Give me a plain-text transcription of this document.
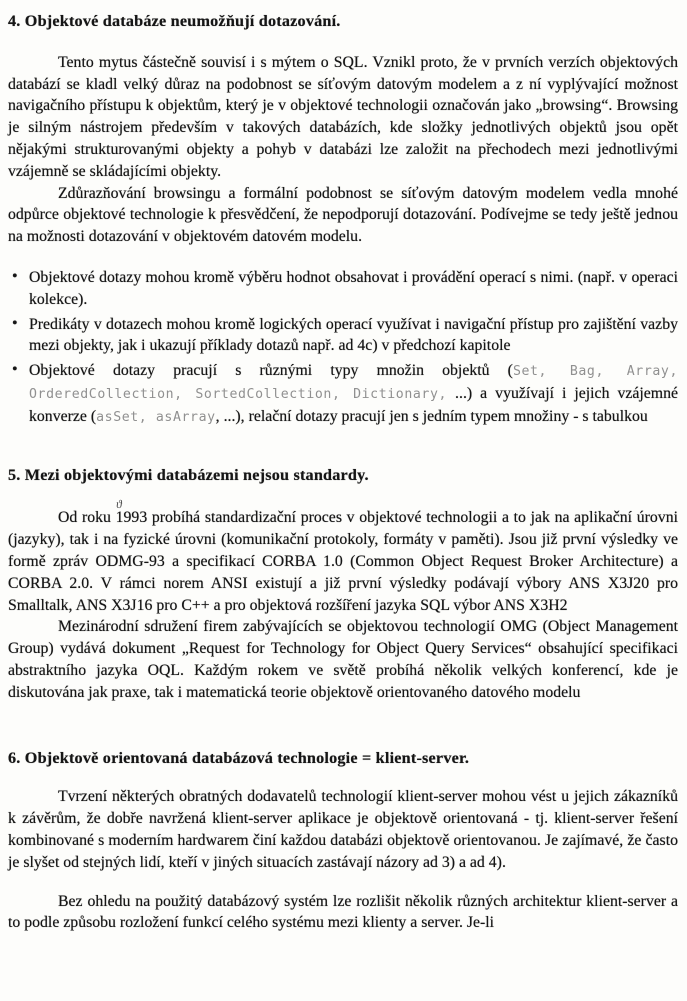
4. Objektové databáze neumožňují dotazování.

Tento mytus částečně souvisí i s mýtem o SQL. Vznikl proto, že v prvních verzích objektových databází se kladl velký důraz na podobnost se síťovým datovým modelem a z ní vyplývající možnost navigačního přístupu k objektům, který je v objektové technologii označován jako „browsing“. Browsing je silným nástrojem především v takových databázích, kde složky jednotlivých objektů jsou opět nějakými strukturovanými objekty a pohyb v databázi lze založit na přechodech mezi jednotlivými vzájemně se skládajícími objekty.

Zdůrazňování browsingu a formální podobnost se síťovým datovým modelem vedla mnohé odpůrce objektové technologie k přesvědčení, že nepodporují dotazování. Podívejme se tedy ještě jednou na možnosti dotazování v objektovém datovém modelu.

• Objektové dotazy mohou kromě výběru hodnot obsahovat i provádění operací s nimi. (např. v operaci kolekce).
• Predikáty v dotazech mohou kromě logických operací využívat i navigační přístup pro zajištění vazby mezi objekty, jak i ukazují příklady dotazů např. ad 4c) v předchozí kapitole
• Objektové dotazy pracují s různými typy množin objektů (Set, Bag, Array, OrderedCollection, SortedCollection, Dictionary, ...) a využívají i jejich vzájemné konverze (asSet, asArray, ...), relační dotazy pracují jen s jedním typem množiny - s tabulkou
5. Mezi objektovými databázemi nejsou standardy.

Od roku 1993 probíhá standardizační proces v objektové technologii a to jak na aplikační úrovni (jazyky), tak i na fyzické úrovni (komunikační protokoly, formáty v paměti). Jsou již první výsledky ve formě zpráv ODMG-93 a specifikací CORBA 1.0 (Common Object Request Broker Architecture) a CORBA 2.0. V rámci norem ANSI existují a již první výsledky podávají výbory ANS X3J20 pro Smalltalk, ANS X3J16 pro C++ a pro objektová rozšíření jazyka SQL výbor ANS X3H2

Mezinárodní sdružení firem zabývajících se objektovou technologií OMG (Object Management Group) vydává dokument „Request for Technology for Object Query Services“ obsahující specifikaci abstraktního jazyka OQL. Každým rokem ve světě probíhá několik velkých konferencí, kde je diskutována jak praxe, tak i matematická teorie objektově orientovaného datového modelu

6. Objektově orientovaná databázová technologie = klient-server.

Tvrzení některých obratných dodavatelů technologií klient-server mohou vést u jejich zákazníků k závěrům, že dobře navržená klient-server aplikace je objektově orientovaná - tj. klient-server řešení kombinované s moderním hardwarem činí každou databázi objektově orientovanou. Je zajímavé, že často je slyšet od stejných lidí, kteří v jiných situacích zastávají názory ad 3) a ad 4).

Bez ohledu na použitý databázový systém lze rozlišit několik různých architektur klient-server a to podle způsobu rozložení funkcí celého systému mezi klienty a server. Je-li

ϑ
